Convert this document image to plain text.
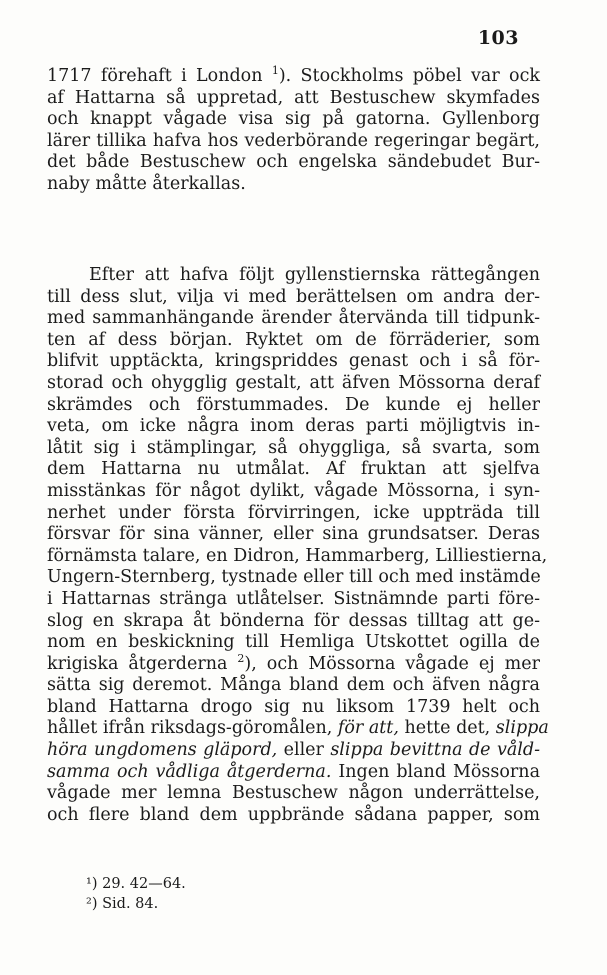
103
1717 förehaft i London $^1$). Stockholms pöbel var ock
af Hattarna så uppretad, att Bestuschew skymfades
och knappt vågade visa sig på gatorna. Gyllenborg
lärer tillika hafva hos vederbörande regeringar begärt,
det både Bestuschew och engelska sändebudet Bur-
naby måtte återkallas.
Efter att hafva följt gyllenstiernska rättegången
till dess slut, vilja vi med berättelsen om andra der-
med sammanhängande ärender återvända till tidpunk-
ten af dess början. Ryktet om de förräderier, som
blifvit upptäckta, kringspriddes genast och i så för-
storad och ohygglig gestalt, att äfven Mössorna deraf
skrämdes och förstummades. De kunde ej heller
veta, om icke några inom deras parti möjligtvis in-
låtit sig i stämplingar, så ohyggliga, så svarta, som
dem Hattarna nu utmålat. Af fruktan att sjelfva
misstänkas för något dylikt, vågade Mössorna, i syn-
nerhet under första förvirringen, icke uppträda till
försvar för sina vänner, eller sina grundsatser. Deras
förnämsta talare, en Didron, Hammarberg, Lilliestierna,
Ungern-Sternberg, tystnade eller till och med instämde
i Hattarnas stränga utlåtelser. Sistnämnde parti före-
slog en skrapa åt bönderna för dessas tilltag att ge-
nom en beskickning till Hemliga Utskottet ogilla de
krigiska åtgerderna $^2$), och Mössorna vågade ej mer
sätta sig deremot. Många bland dem och äfven några
bland Hattarna drogo sig nu liksom 1739 helt och
hållet ifrån riksdags-göromålen, för att, hette det, slippa
höra ungdomens gläpord, eller slippa bevittna de våld-
samma och vådliga åtgerderna. Ingen bland Mössorna
vågade mer lemna Bestuschew någon underrättelse,
och flere bland dem uppbrände sådana papper, som
¹) 29. 42—64.
²) Sid. 84.
